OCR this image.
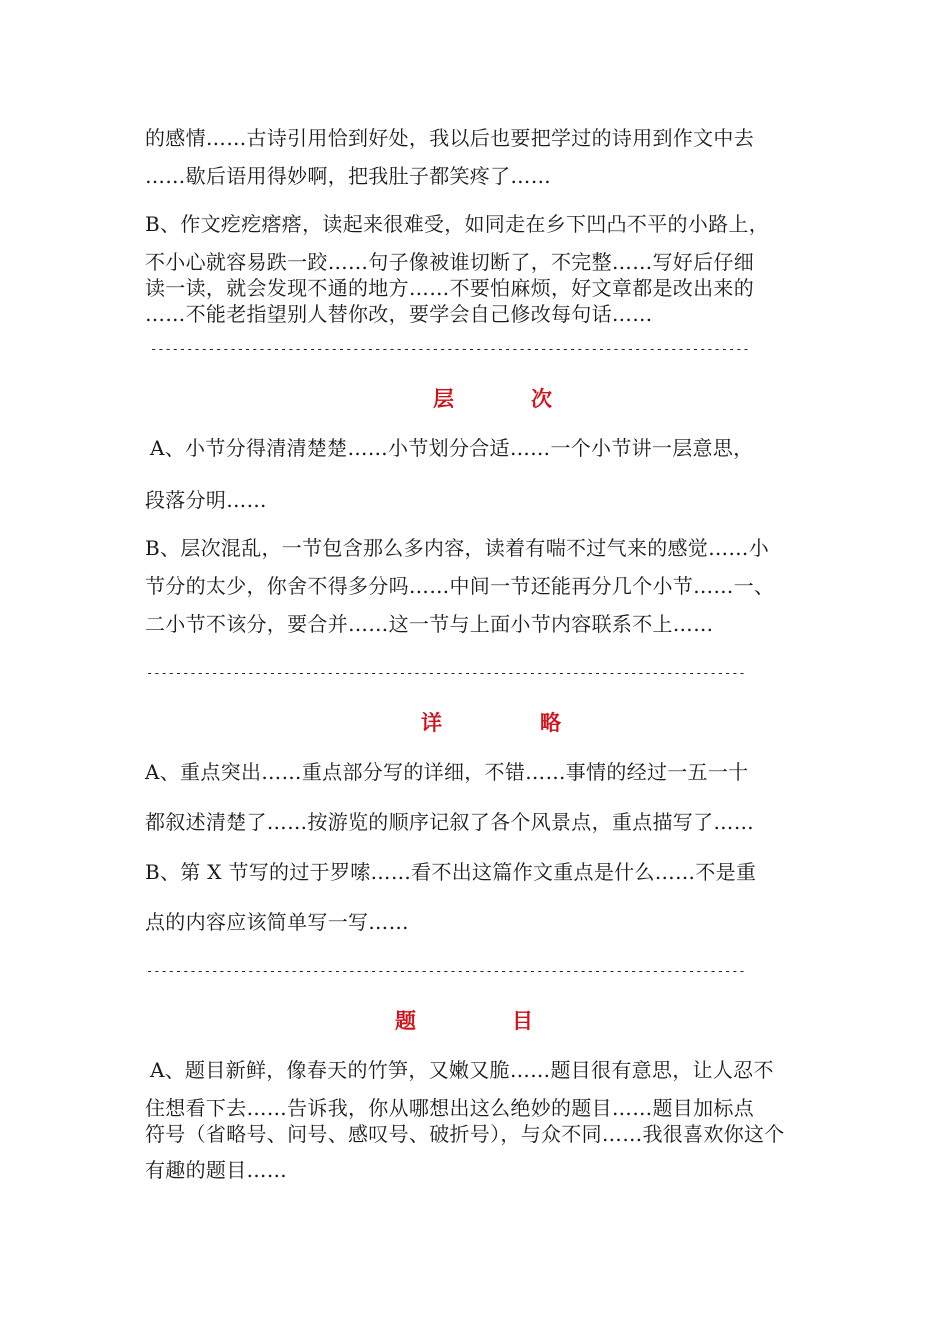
的感情……古诗引用恰到好处，我以后也要把学过的诗用到作文中去

……歇后语用得妙啊，把我肚子都笑疼了……

B、作文疙疙瘩瘩，读起来很难受，如同走在乡下凹凸不平的小路上，

不小心就容易跌一跤……句子像被谁切断了，不完整……写好后仔细

读一读，就会发现不通的地方……不要怕麻烦，好文章都是改出来的

……不能老指望别人替你改，要学会自己修改每句话……

-----------------------------------------------------------------------------------

层	次

A、小节分得清清楚楚……小节划分合适……一个小节讲一层意思，

段落分明……

B、层次混乱，一节包含那么多内容，读着有喘不过气来的感觉……小

节分的太少，你舍不得多分吗……中间一节还能再分几个小节……一、

二小节不该分，要合并……这一节与上面小节内容联系不上……

-----------------------------------------------------------------------------------

详	略

A、重点突出……重点部分写的详细，不错……事情的经过一五一十

都叙述清楚了……按游览的顺序记叙了各个风景点，重点描写了……

B、第 X 节写的过于罗嗦……看不出这篇作文重点是什么……不是重

点的内容应该简单写一写……

-----------------------------------------------------------------------------------

题	目

A、题目新鲜，像春天的竹笋，又嫩又脆……题目很有意思，让人忍不

住想看下去……告诉我，你从哪想出这么绝妙的题目……题目加标点

符号（省略号、问号、感叹号、破折号），与众不同……我很喜欢你这个

有趣的题目……
